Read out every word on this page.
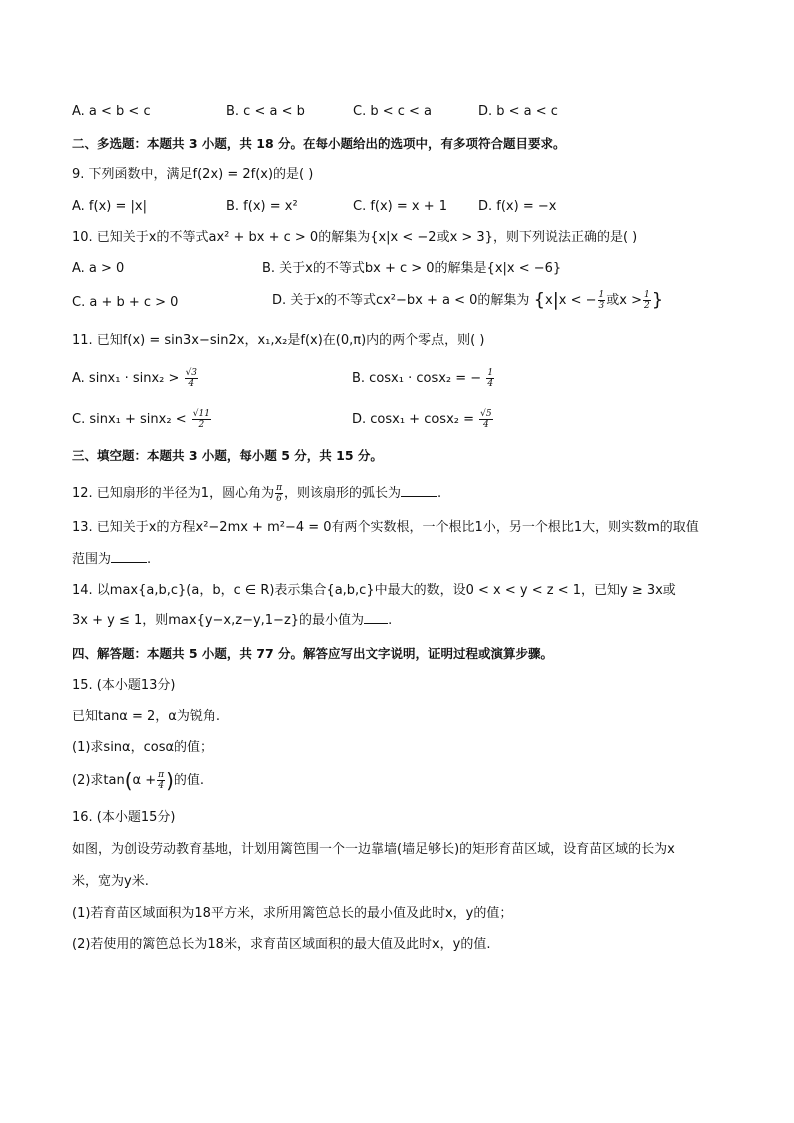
A. a < b < c	B. c < a < b	C. b < c < a	D. b < a < c
二、多选题：本题共 3 小题，共 18 分。在每小题给出的选项中，有多项符合题目要求。
9. 下列函数中，满足f(2x) = 2f(x)的是( )
A. f(x) = |x|	B. f(x) = x²	C. f(x) = x + 1 D. f(x) = −x
10. 已知关于x的不等式ax² + bx + c > 0的解集为{x|x < −2或x > 3}，则下列说法正确的是( )
A. a > 0	B. 关于x的不等式bx + c > 0的解集是{x|x < −6}
C. a + b + c > 0	D. 关于x的不等式cx²−bx + a < 0的解集为 {x|x < − $\frac{1}{3}$ 或$x > \frac{1}{2}$ }
11. 已知f(x) = sin3x−sin2x，x₁,x₂是f(x)在(0,π)内的两个零点，则( )
A. $\sin x_1 \cdot \sin x_2 > \frac{√3}{4}$	B. cosx₁ · cosx₂ = − $\frac{1}{4}$
C. $\sin x_1 + \sin x_2 < \frac{√11}{2}$	D. $\cos x_1 + \cos x_2 = \frac{√5}{4}$
三、填空题：本题共 3 小题，每小题 5 分，共 15 分。
12. 已知扇形的半径为1，圆心角为 $\frac{\pi}{6}$ ，则该扇形的弧长为	.
13. 已知关于x的方程x²−2mx + m²−4 = 0有两个实数根，一个根比1小，另一个根比1大，则实数m的取值
范围为	.
14. 以max{a,b,c}(a，b，c ∈ R)表示集合{a,b,c}中最大的数，设0 < x < y < z < 1，已知y ≥ 3x或
3x + y ≤ 1，则max{y−x,z−y,1−z}的最小值为 .
四、解答题：本题共 5 小题，共 77 分。解答应写出文字说明，证明过程或演算步骤。
15. (本小题13分)
已知tanα = 2，α为锐角.
(1)求sinα，cosα的值；
(2)求$\tan(\alpha + \frac{\pi}{4}$ )的值.
16. (本小题15分)
如图，为创设劳动教育基地，计划用篱笆围一个一边靠墙(墙足够长)的矩形育苗区域，设育苗区域的长为x
米，宽为y米.
(1)若育苗区域面积为18平方米，求所用篱笆总长的最小值及此时x，y的值；
(2)若使用的篱笆总长为18米，求育苗区域面积的最大值及此时x，y的值.
